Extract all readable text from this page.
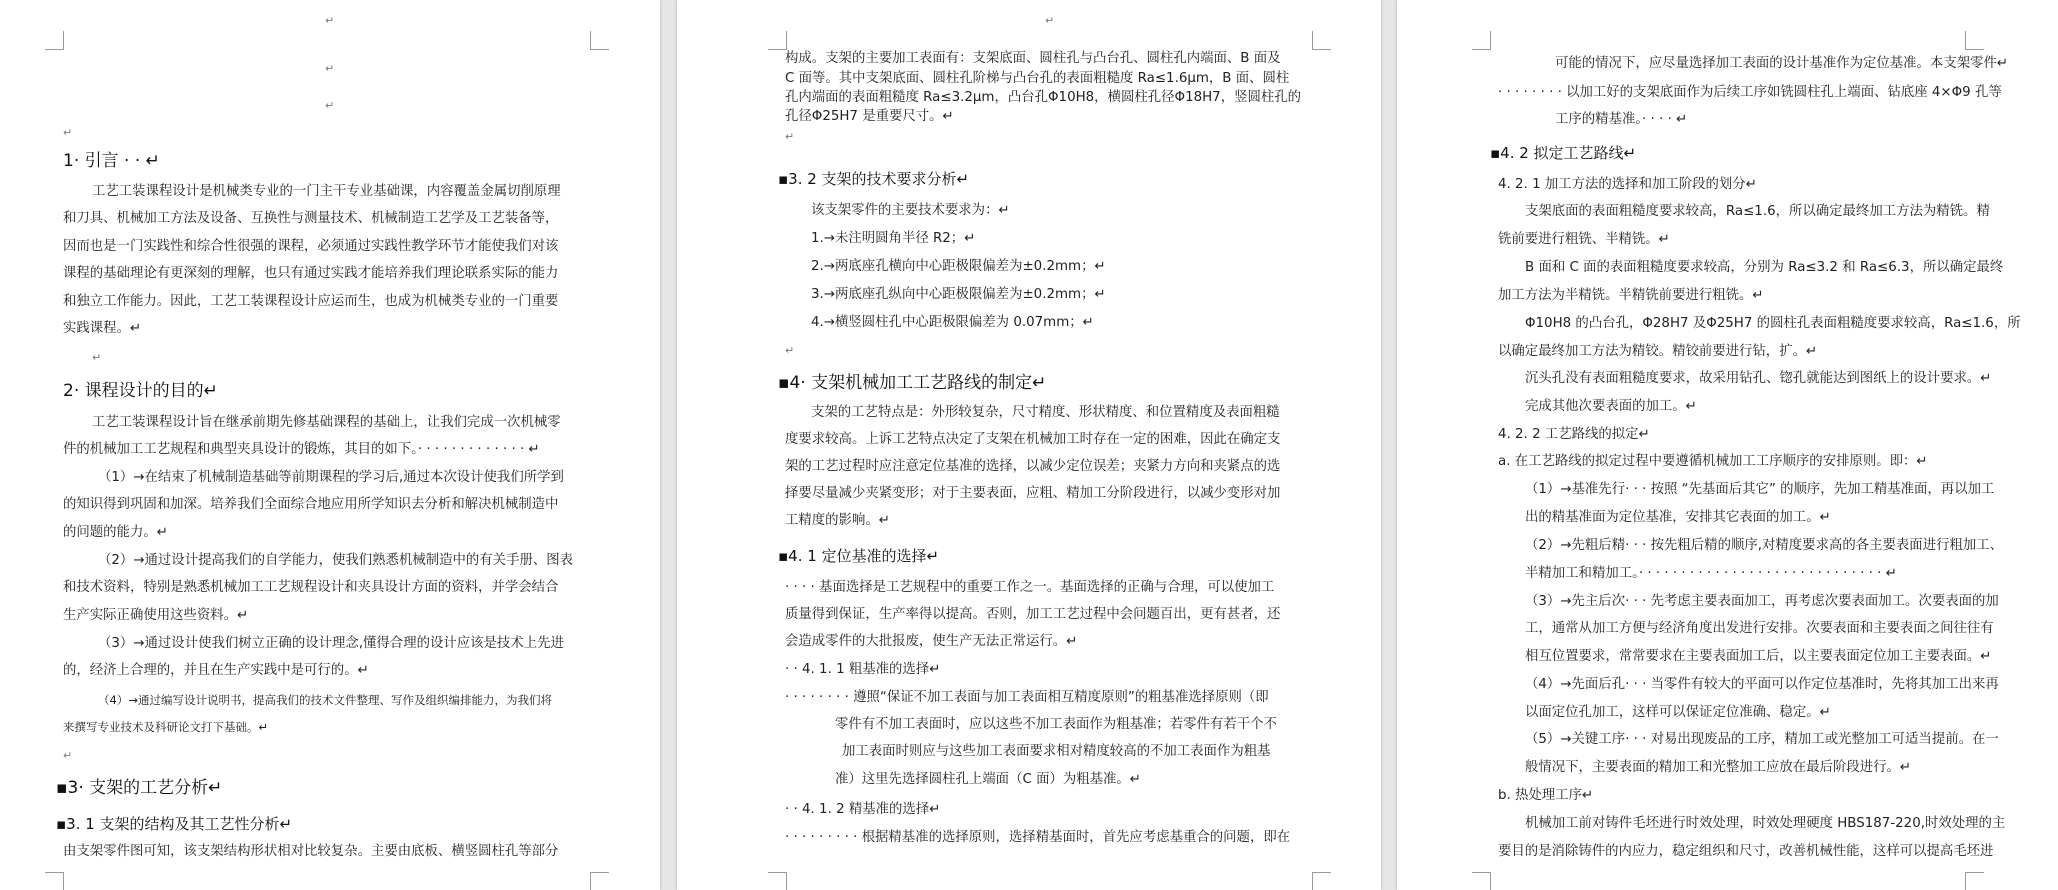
↵
↵
↵
↵
1· 引言 · · ↵
工艺工装课程设计是机械类专业的一门主干专业基础课，内容覆盖金属切削原理
和刀具、机械加工方法及设备、互换性与测量技术、机械制造工艺学及工艺装备等，
因而也是一门实践性和综合性很强的课程，必须通过实践性教学环节才能使我们对该
课程的基础理论有更深刻的理解，也只有通过实践才能培养我们理论联系实际的能力
和独立工作能力。因此，工艺工装课程设计应运而生，也成为机械类专业的一门重要
实践课程。↵
↵
2· 课程设计的目的↵
工艺工装课程设计旨在继承前期先修基础课程的基础上，让我们完成一次机械零
件的机械加工工艺规程和典型夹具设计的锻炼，其目的如下。· · · · · · · · · · · · · ↵
（1）→在结束了机械制造基础等前期课程的学习后,通过本次设计使我们所学到
的知识得到巩固和加深。培养我们全面综合地应用所学知识去分析和解决机械制造中
的问题的能力。↵
（2）→通过设计提高我们的自学能力，使我们熟悉机械制造中的有关手册、图表
和技术资料，特别是熟悉机械加工工艺规程设计和夹具设计方面的资料，并学会结合
生产实际正确使用这些资料。↵
（3）→通过设计使我们树立正确的设计理念,懂得合理的设计应该是技术上先进
的，经济上合理的，并且在生产实践中是可行的。↵
（4）→通过编写设计说明书，提高我们的技术文件整理、写作及组织编排能力，为我们将
来撰写专业技术及科研论文打下基础。↵
↵
▪3· 支架的工艺分析↵
▪3. 1 支架的结构及其工艺性分析↵
由支架零件图可知，该支架结构形状相对比较复杂。主要由底板、横竖圆柱孔等部分
↵
构成。支架的主要加工表面有：支架底面、圆柱孔与凸台孔、圆柱孔内端面、B 面及
C 面等。其中支架底面、圆柱孔阶梯与凸台孔的表面粗糙度 Ra≤1.6μm，B 面、圆柱
孔内端面的表面粗糙度 Ra≤3.2μm，凸台孔Φ10H8，横圆柱孔径Φ18H7，竖圆柱孔的
孔径Φ25H7 是重要尺寸。↵
↵
▪3. 2 支架的技术要求分析↵
该支架零件的主要技术要求为：↵
1.→未注明圆角半径 R2；↵
2.→两底座孔横向中心距极限偏差为±0.2mm；↵
3.→两底座孔纵向中心距极限偏差为±0.2mm；↵
4.→横竖圆柱孔中心距极限偏差为 0.07mm；↵
↵
▪4· 支架机械加工工艺路线的制定↵
支架的工艺特点是：外形较复杂，尺寸精度、形状精度、和位置精度及表面粗糙
度要求较高。上诉工艺特点决定了支架在机械加工时存在一定的困难，因此在确定支
架的工艺过程时应注意定位基准的选择，以减少定位误差；夹紧力方向和夹紧点的选
择要尽量减少夹紧变形；对于主要表面，应粗、精加工分阶段进行，以减少变形对加
工精度的影响。↵
▪4. 1 定位基准的选择↵
· · · · 基面选择是工艺规程中的重要工作之一。基面选择的正确与合理，可以使加工
质量得到保证，生产率得以提高。否则，加工工艺过程中会问题百出，更有甚者，还
会造成零件的大批报废，使生产无法正常运行。↵
· · 4. 1. 1 粗基准的选择↵
· · · · · · · · 遵照“保证不加工表面与加工表面相互精度原则”的粗基准选择原则（即
零件有不加工表面时，应以这些不加工表面作为粗基准；若零件有若干个不
加工表面时则应与这些加工表面要求相对精度较高的不加工表面作为粗基
准）这里先选择圆柱孔上端面（C 面）为粗基准。↵
· · 4. 1. 2 精基准的选择↵
· · · · · · · · · 根据精基准的选择原则，选择精基面时，首先应考虑基重合的问题，即在
可能的情况下，应尽量选择加工表面的设计基准作为定位基准。本支架零件↵
· · · · · · · · 以加工好的支架底面作为后续工序如铣圆柱孔上端面、钻底座 4×Φ9 孔等
工序的精基准。· · · · ↵
▪4. 2 拟定工艺路线↵
4. 2. 1 加工方法的选择和加工阶段的划分↵
支架底面的表面粗糙度要求较高，Ra≤1.6，所以确定最终加工方法为精铣。精
铣前要进行粗铣、半精铣。↵
B 面和 C 面的表面粗糙度要求较高，分别为 Ra≤3.2 和 Ra≤6.3，所以确定最终
加工方法为半精铣。半精铣前要进行粗铣。↵
Φ10H8 的凸台孔，Φ28H7 及Φ25H7 的圆柱孔表面粗糙度要求较高，Ra≤1.6，所
以确定最终加工方法为精铰。精铰前要进行钻，扩。↵
沉头孔没有表面粗糙度要求，故采用钻孔、锪孔就能达到图纸上的设计要求。↵
完成其他次要表面的加工。↵
4. 2. 2 工艺路线的拟定↵
a. 在工艺路线的拟定过程中要遵循机械加工工序顺序的安排原则。即：↵
（1）→基准先行· · · 按照 “先基面后其它” 的顺序，先加工精基准面，再以加工
出的精基准面为定位基准，安排其它表面的加工。↵
（2）→先粗后精· · · 按先粗后精的顺序,对精度要求高的各主要表面进行粗加工、
半精加工和精加工。· · · · · · · · · · · · · · · · · · · · · · · · · · · · · ↵
（3）→先主后次· · · 先考虑主要表面加工，再考虑次要表面加工。次要表面的加
工，通常从加工方便与经济角度出发进行安排。次要表面和主要表面之间往往有
相互位置要求，常常要求在主要表面加工后，以主要表面定位加工主要表面。↵
（4）→先面后孔· · · 当零件有较大的平面可以作定位基准时，先将其加工出来再
以面定位孔加工，这样可以保证定位准确、稳定。↵
（5）→关键工序· · · 对易出现废品的工序，精加工或光整加工可适当提前。在一
般情况下，主要表面的精加工和光整加工应放在最后阶段进行。↵
b. 热处理工序↵
机械加工前对铸件毛坯进行时效处理，时效处理硬度 HBS187-220,时效处理的主
要目的是消除铸件的内应力，稳定组织和尺寸，改善机械性能，这样可以提高毛坯进
